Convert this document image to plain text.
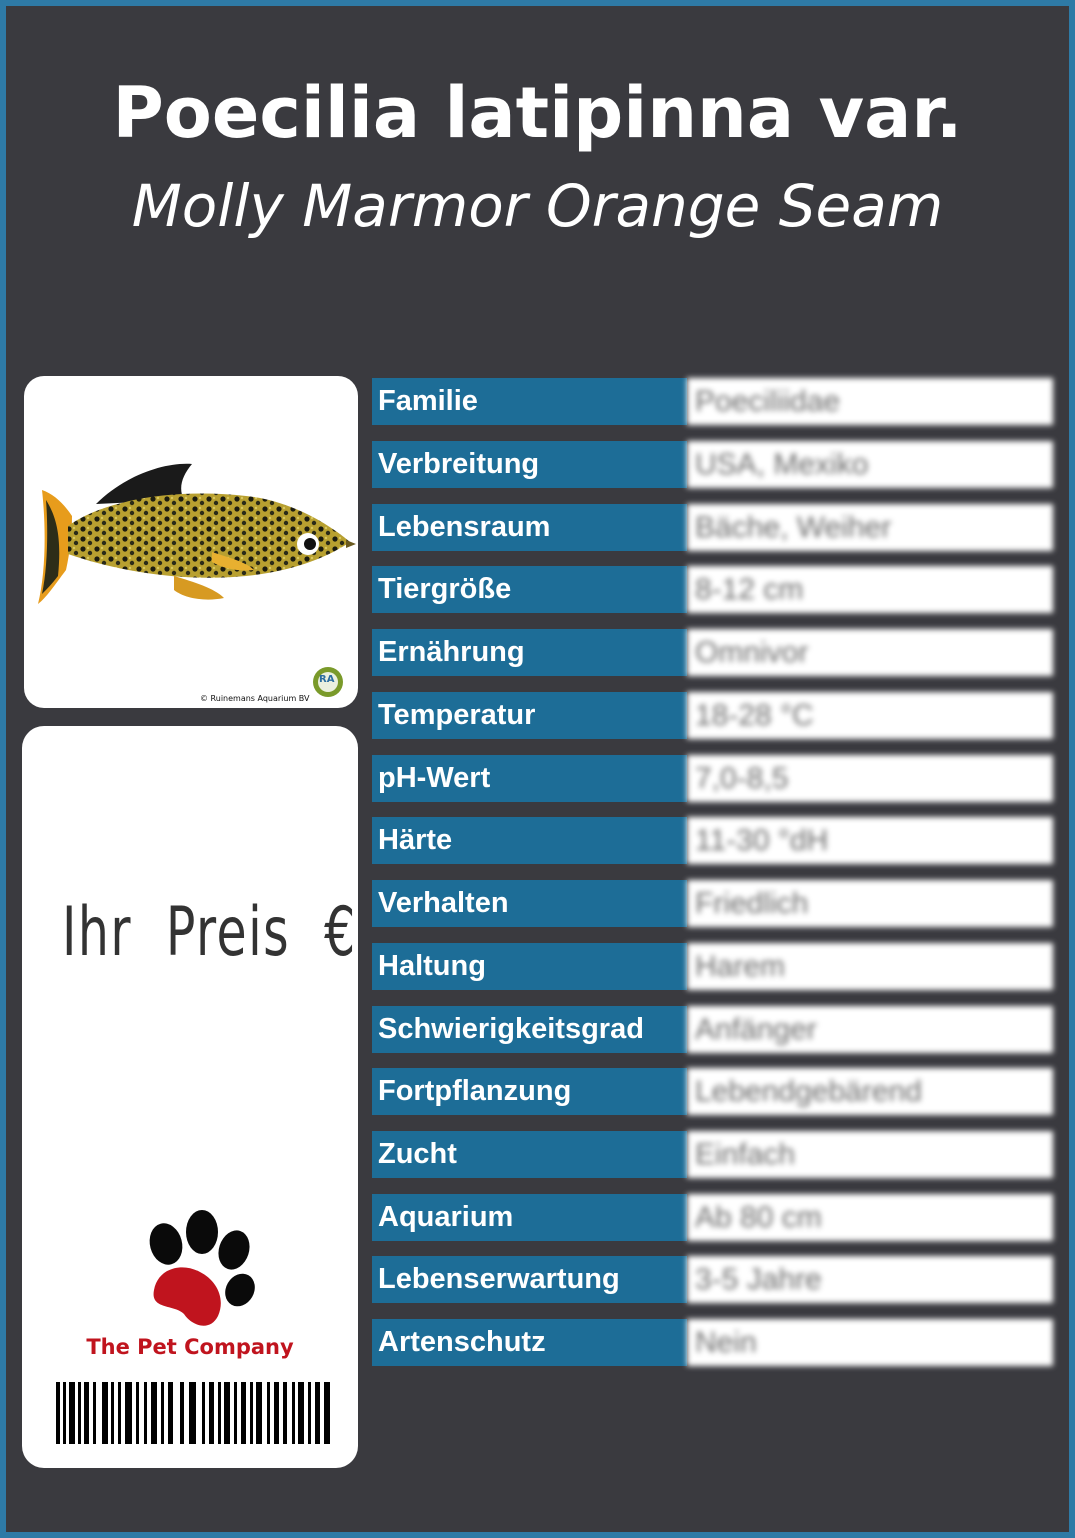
Poecilia latipinna var.
Molly Marmor Orange Seam
RA
© Ruinemans Aquarium BV
Ihr  Preis  €
The Pet Company
Familie	Poeciliidae
Verbreitung	USA, Mexiko
Lebensraum	Bäche, Weiher
Tiergröße	8-12 cm
Ernährung	Omnivor
Temperatur	18-28 °C
pH-Wert	7,0-8,5
Härte	11-30 °dH
Verhalten	Friedlich
Haltung	Harem
Schwierigkeitsgrad	Anfänger
Fortpflanzung	Lebendgebärend
Zucht	Einfach
Aquarium	Ab 80 cm
Lebenserwartung	3-5 Jahre
Artenschutz	Nein
